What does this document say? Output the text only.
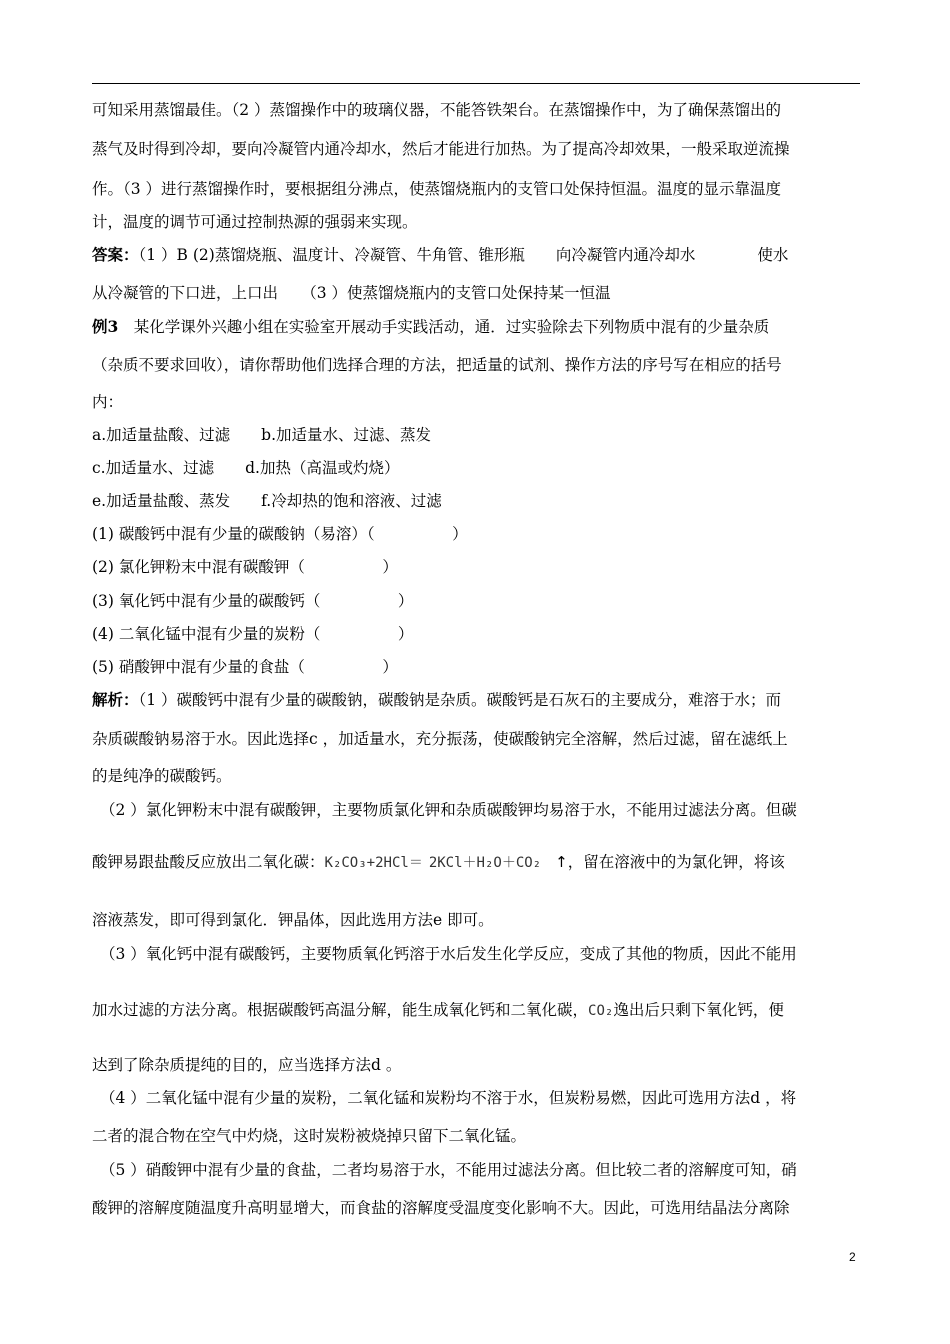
可知采用蒸馏最佳。（2 ）蒸馏操作中的玻璃仪器，不能答铁架台。在蒸馏操作中，为了确保蒸馏出的
蒸气及时得到冷却，要向冷凝管内通冷却水，然后才能进行加热。为了提高冷却效果，一般采取逆流操
作。（3 ）进行蒸馏操作时，要根据组分沸点，使蒸馏烧瓶内的支管口处保持恒温。温度的显示靠温度
计，温度的调节可通过控制热源的强弱来实现。
答案：（1 ）B (2)蒸馏烧瓶、温度计、冷凝管、牛角管、锥形瓶　　向冷凝管内通冷却水　　　　使水
从冷凝管的下口进，上口出　　（3 ）使蒸馏烧瓶内的支管口处保持某一恒温
例3　某化学课外兴趣小组在实验室开展动手实践活动，通．过实验除去下列物质中混有的少量杂质
（杂质不要求回收），请你帮助他们选择合理的方法，把适量的试剂、操作方法的序号写在相应的括号
内：
a.加适量盐酸、过滤　　b.加适量水、过滤、蒸发
c.加适量水、过滤　　d.加热（高温或灼烧）
e.加适量盐酸、蒸发　　f.冷却热的饱和溶液、过滤
(1) 碳酸钙中混有少量的碳酸钠（易溶）（　　　　　）
(2) 氯化钾粉末中混有碳酸钾（　　　　　）
(3) 氧化钙中混有少量的碳酸钙（　　　　　）
(4) 二氧化锰中混有少量的炭粉（　　　　　）
(5) 硝酸钾中混有少量的食盐（　　　　　）
解析：（1 ）碳酸钙中混有少量的碳酸钠，碳酸钠是杂质。碳酸钙是石灰石的主要成分，难溶于水；而
杂质碳酸钠易溶于水。因此选择c ，加适量水，充分振荡，使碳酸钠完全溶解，然后过滤，留在滤纸上
的是纯净的碳酸钙。
（2 ）氯化钾粉末中混有碳酸钾，主要物质氯化钾和杂质碳酸钾均易溶于水，不能用过滤法分离。但碳
酸钾易跟盐酸反应放出二氧化碳：K₂CO₃+2HCl＝ 2KCl＋H₂O＋CO₂ ↑，留在溶液中的为氯化钾，将该
溶液蒸发，即可得到氯化．钾晶体，因此选用方法e 即可。
（3 ）氧化钙中混有碳酸钙，主要物质氧化钙溶于水后发生化学反应，变成了其他的物质，因此不能用
加水过滤的方法分离。根据碳酸钙高温分解，能生成氧化钙和二氧化碳，CO₂逸出后只剩下氧化钙，便
达到了除杂质提纯的目的，应当选择方法d 。
（4 ）二氧化锰中混有少量的炭粉，二氧化锰和炭粉均不溶于水，但炭粉易燃，因此可选用方法d ，将
二者的混合物在空气中灼烧，这时炭粉被烧掉只留下二氧化锰。
（5 ）硝酸钾中混有少量的食盐，二者均易溶于水，不能用过滤法分离。但比较二者的溶解度可知，硝
酸钾的溶解度随温度升高明显增大，而食盐的溶解度受温度变化影响不大。因此，可选用结晶法分离除
2
